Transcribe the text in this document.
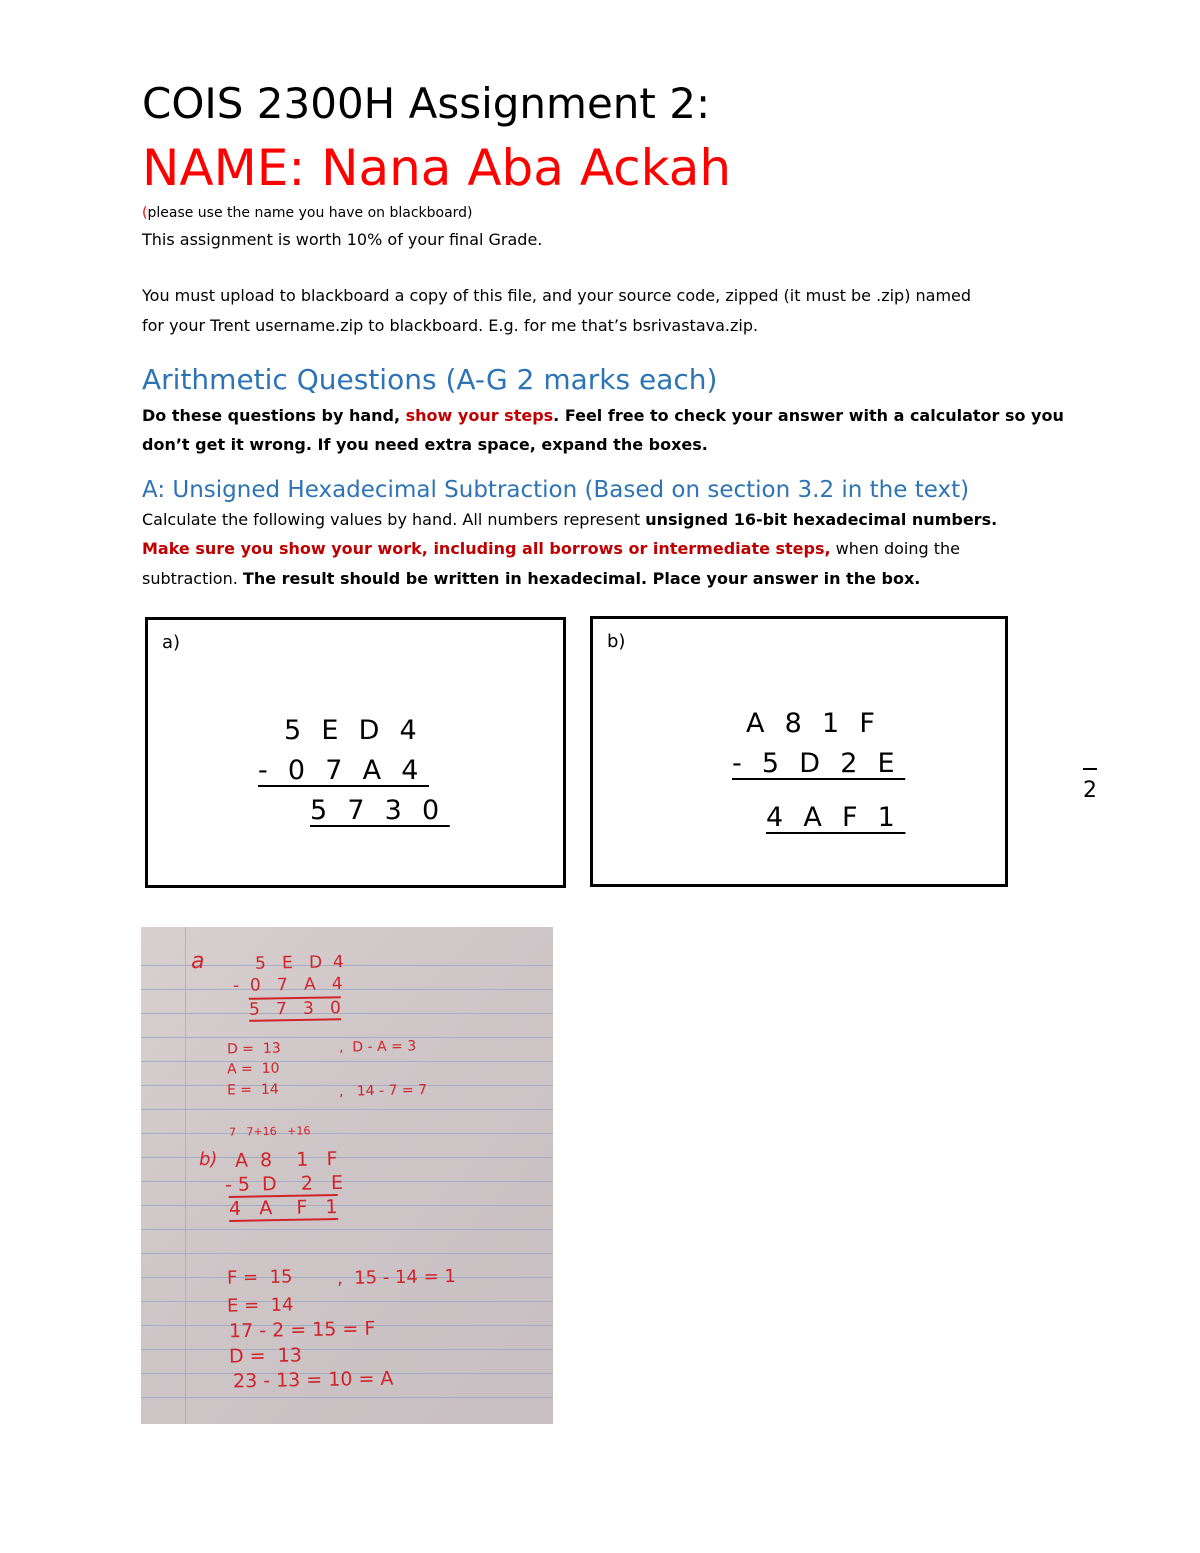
COIS 2300H Assignment 2:
NAME: Nana Aba Ackah
(please use the name you have on blackboard)
This assignment is worth 10% of your final Grade.
You must upload to blackboard a copy of this file, and your source code, zipped (it must be .zip) named
for your Trent username.zip to blackboard. E.g. for me that’s bsrivastava.zip.
Arithmetic Questions (A-G 2 marks each)
Do these questions by hand, show your steps. Feel free to check your answer with a calculator so you
don’t get it wrong. If you need extra space, expand the boxes.
A: Unsigned Hexadecimal Subtraction (Based on section 3.2 in the text)
Calculate the following values by hand. All numbers represent unsigned 16-bit hexadecimal numbers.
Make sure you show your work, including all borrows or intermediate steps, when doing the
subtraction. The result should be written in hexadecimal. Place your answer in the box.
a)
5  E  D  4
-  0  7  A  4
5  7  3  0
b)
A  8  1  F
-  5  D  2  E
4  A  F  1
2
a	5   E   D  4
-  0   7   A   4
5   7   3   0
D =  13	,  D - A = 3
A =  10
E =  14	,   14 - 7 = 7
7   7+16   +16
b) A  8    1   F
- 5  D    2   E
4   A    F   1
F =  15 ,  15 - 14 = 1
E =  14
17 - 2 = 15 = F
D =  13
23 - 13 = 10 = A
